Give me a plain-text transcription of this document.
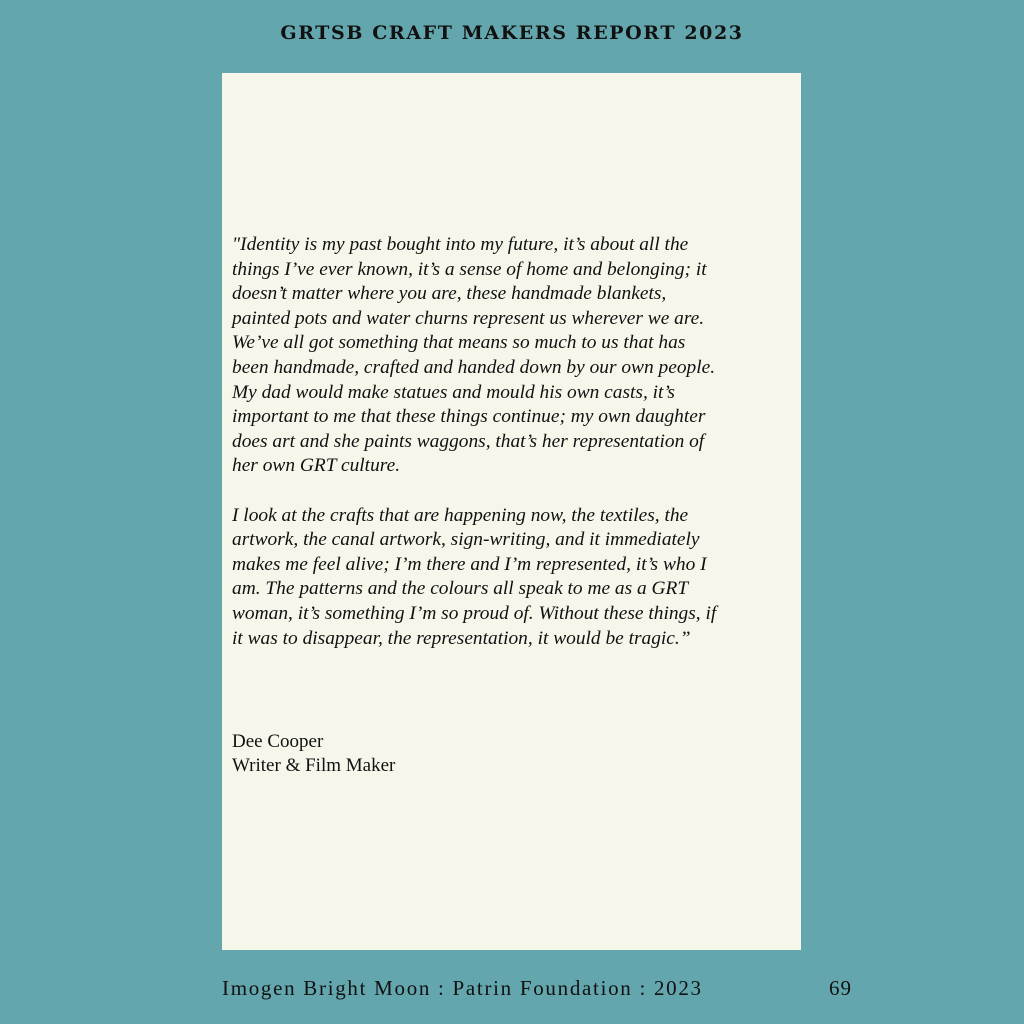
GRTSB CRAFT MAKERS REPORT 2023

"Identity is my past bought into my future, it’s about all the
things I’ve ever known, it’s a sense of home and belonging; it
doesn’t matter where you are, these handmade blankets,
painted pots and water churns represent us wherever we are.
We’ve all got something that means so much to us that has
been handmade, crafted and handed down by our own people.
My dad would make statues and mould his own casts, it’s
important to me that these things continue; my own daughter
does art and she paints waggons, that’s her representation of
her own GRT culture.

I look at the crafts that are happening now, the textiles, the
artwork, the canal artwork, sign-writing, and it immediately
makes me feel alive; I’m there and I’m represented, it’s who I
am. The patterns and the colours all speak to me as a GRT
woman, it’s something I’m so proud of. Without these things, if
it was to disappear, the representation, it would be tragic.”

Dee Cooper
Writer & Film Maker
Imogen Bright Moon : Patrin Foundation : 2023	69
